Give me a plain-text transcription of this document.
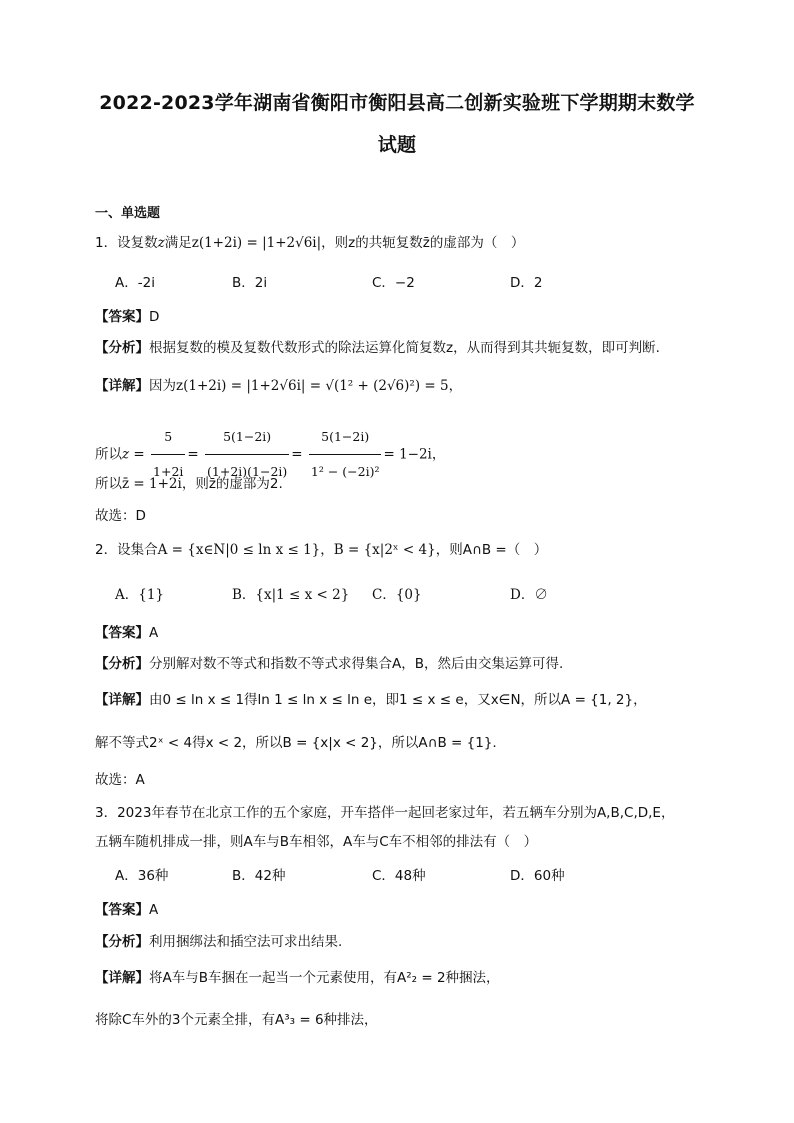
2022-2023学年湖南省衡阳市衡阳县高二创新实验班下学期期末数学
试题
一、单选题
1．设复数z满足z(1+2i) = |1+2√6i|，则z的共轭复数z̄的虚部为（　）
A．-2i	B．2i	C．−2	D．2
【答案】D
【分析】根据复数的模及复数代数形式的除法运算化简复数z，从而得到其共轭复数，即可判断.
【详解】因为z(1+2i) = |1+2√6i| = √(1² + (2√6)²) = 5，
所以$z = \frac{5}{1+2i} = \frac{5(1-2i)}{(1+2i)(1-2i)} = \frac{5(1-2i)}{\text{1² − (−2i)²}} = 1-2i$，
所以z̄ = 1+2i，则z̄的虚部为2.
故选：D
2．设集合A = {x∈N|0 ≤ ln x ≤ 1}，B = {x|2ˣ < 4}，则A∩B =（　）
A．{1}	B．{x|1 ≤ x < 2} C．{0}	D．∅
【答案】A
【分析】分别解对数不等式和指数不等式求得集合A，B，然后由交集运算可得.
【详解】由0 ≤ ln x ≤ 1得ln 1 ≤ ln x ≤ ln e，即1 ≤ x ≤ e，又x∈N，所以A = {1, 2}，
解不等式2ˣ < 4得x < 2，所以B = {x|x < 2}，所以A∩B = {1}.
故选：A
3．2023年春节在北京工作的五个家庭，开车搭伴一起回老家过年，若五辆车分别为A,B,C,D,E，
五辆车随机排成一排，则A车与B车相邻，A车与C车不相邻的排法有（　）
A．36种	B．42种	C．48种	D．60种
【答案】A
【分析】利用捆绑法和插空法可求出结果.
【详解】将A车与B车捆在一起当一个元素使用，有A²₂ = 2种捆法，
将除C车外的3个元素全排，有A³₃ = 6种排法，
